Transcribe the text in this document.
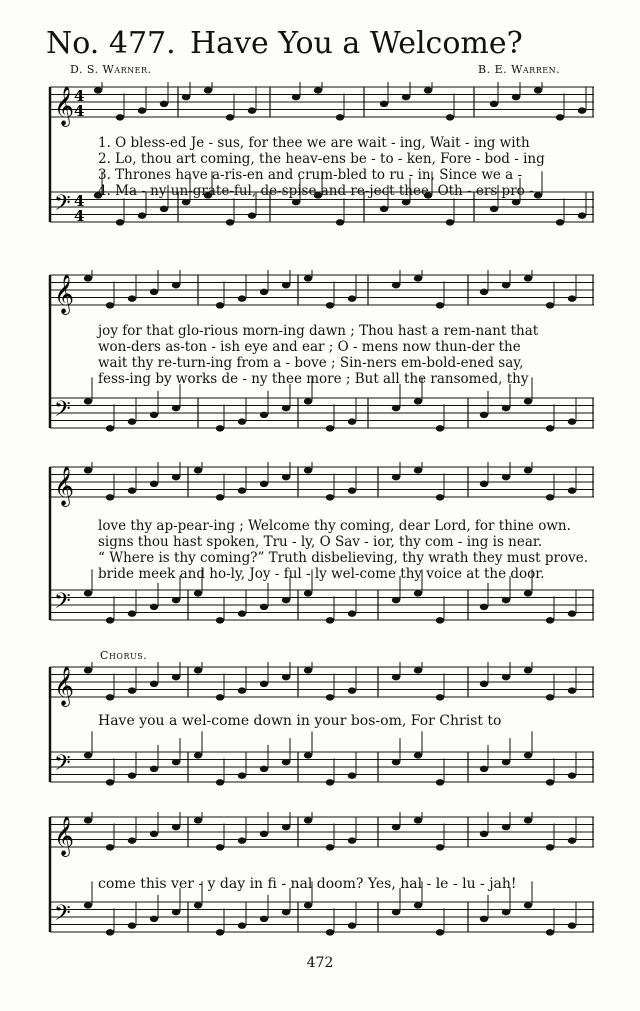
No. 477. Have You a Welcome?
D. S. Warner.	B. E. Warren.
𝄞 4
4
𝄢 4
4
1. O bless-ed Je - sus, for thee we are wait - ing, Wait - ing with
2. Lo, thou art coming, the heav-ens be - to - ken, Fore - bod - ing
3. Thrones have a-ris-en and crum-bled to ru - in, Since we a -
4. Ma - ny un-grate-ful, de-spise and re-ject thee, Oth - ers pro -
𝄞
𝄢
joy for that glo-rious morn-ing dawn ; Thou hast a rem-nant that
won-ders as-ton - ish eye and ear ; O - mens now thun-der the
wait thy re-turn-ing from a - bove ; Sin-ners em-bold-ened say,
fess-ing by works de - ny thee more ; But all the ransomed, thy
𝄞
𝄢
love thy ap-pear-ing ; Welcome thy coming, dear Lord, for thine own.
signs thou hast spoken, Tru - ly, O Sav - ior, thy com - ing is near.
“ Where is thy coming?” Truth disbelieving, thy wrath they must prove.
bride meek and ho-ly, Joy - ful - ly wel-come thy voice at the door.
Chorus.
𝄞
𝄢
Have you a wel-come down in your bos-om, For Christ to
𝄞
𝄢
come this ver - y day in fi - nal doom? Yes, hal - le - lu - jah!
472
